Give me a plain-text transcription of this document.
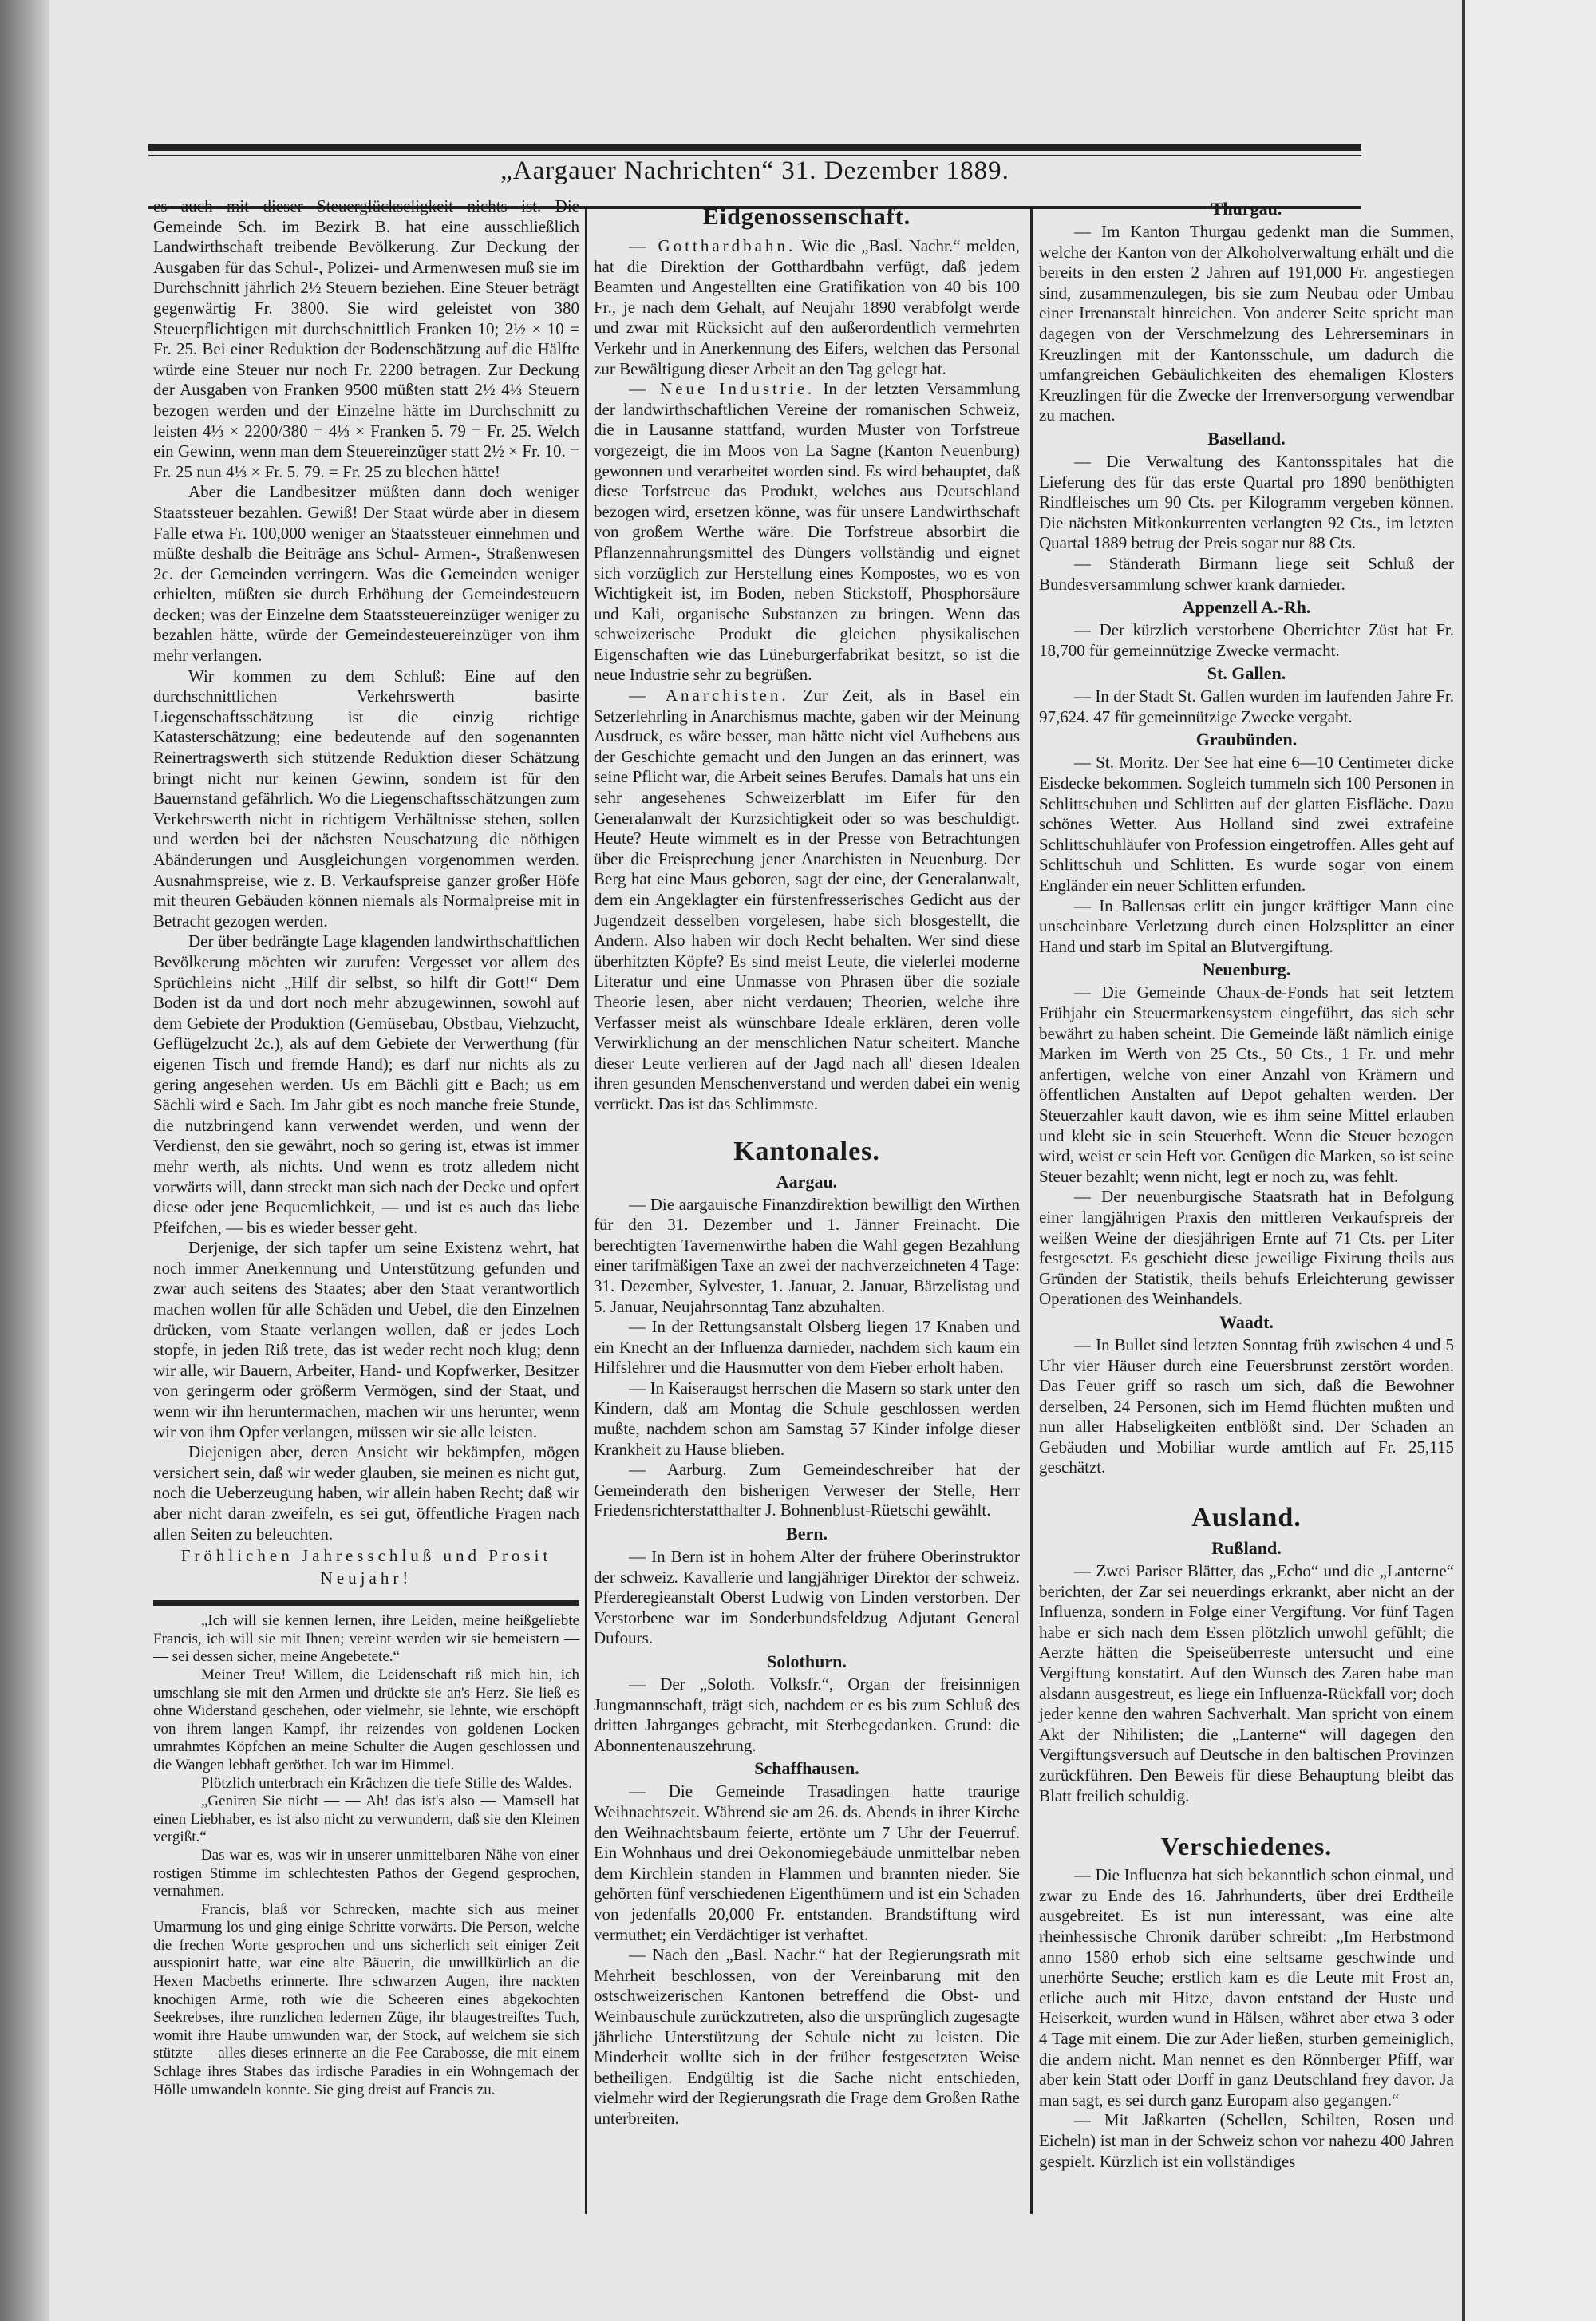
„Aargauer Nachrichten“ 31. Dezember 1889.

es auch mit dieser Steuerglückseligkeit nichts ist. Die Gemeinde Sch. im Bezirk B. hat eine ausschließlich Landwirthschaft treibende Bevölkerung. Zur Deckung der Ausgaben für das Schul-, Polizei- und Armenwesen muß sie im Durchschnitt jährlich 2½ Steuern beziehen. Eine Steuer beträgt gegenwärtig Fr. 3800. Sie wird geleistet von 380 Steuerpflichtigen mit durchschnittlich Franken 10; 2½ × 10 = Fr. 25. Bei einer Reduktion der Bodenschätzung auf die Hälfte würde eine Steuer nur noch Fr. 2200 betragen. Zur Deckung der Ausgaben von Franken 9500 müßten statt 2½ 4⅓ Steuern bezogen werden und der Einzelne hätte im Durchschnitt zu leisten 4⅓ × 2200/380 = 4⅓ × Franken 5. 79 = Fr. 25. Welch ein Gewinn, wenn man dem Steuereinzüger statt 2½ × Fr. 10. = Fr. 25 nun 4⅓ × Fr. 5. 79. = Fr. 25 zu blechen hätte!

Aber die Landbesitzer müßten dann doch weniger Staatssteuer bezahlen. Gewiß! Der Staat würde aber in diesem Falle etwa Fr. 100,000 weniger an Staatssteuer einnehmen und müßte deshalb die Beiträge ans Schul- Armen-, Straßenwesen 2c. der Gemeinden verringern. Was die Gemeinden weniger erhielten, müßten sie durch Erhöhung der Gemeindesteuern decken; was der Einzelne dem Staatssteuereinzüger weniger zu bezahlen hätte, würde der Gemeindesteuereinzüger von ihm mehr verlangen.

Wir kommen zu dem Schluß: Eine auf den durchschnittlichen Verkehrswerth basirte Liegenschaftsschätzung ist die einzig richtige Katasterschätzung; eine bedeutende auf den sogenannten Reinertragswerth sich stützende Reduktion dieser Schätzung bringt nicht nur keinen Gewinn, sondern ist für den Bauernstand gefährlich. Wo die Liegenschaftsschätzungen zum Verkehrswerth nicht in richtigem Verhältnisse stehen, sollen und werden bei der nächsten Neuschatzung die nöthigen Abänderungen und Ausgleichungen vorgenommen werden. Ausnahmspreise, wie z. B. Verkaufspreise ganzer großer Höfe mit theuren Gebäuden können niemals als Normalpreise mit in Betracht gezogen werden.

Der über bedrängte Lage klagenden landwirthschaftlichen Bevölkerung möchten wir zurufen: Vergesset vor allem des Sprüchleins nicht „Hilf dir selbst, so hilft dir Gott!“ Dem Boden ist da und dort noch mehr abzugewinnen, sowohl auf dem Gebiete der Produktion (Gemüsebau, Obstbau, Viehzucht, Geflügelzucht 2c.), als auf dem Gebiete der Verwerthung (für eigenen Tisch und fremde Hand); es darf nur nichts als zu gering angesehen werden. Us em Bächli gitt e Bach; us em Sächli wird e Sach. Im Jahr gibt es noch manche freie Stunde, die nutzbringend kann verwendet werden, und wenn der Verdienst, den sie gewährt, noch so gering ist, etwas ist immer mehr werth, als nichts. Und wenn es trotz alledem nicht vorwärts will, dann streckt man sich nach der Decke und opfert diese oder jene Bequemlichkeit, — und ist es auch das liebe Pfeifchen, — bis es wieder besser geht.

Derjenige, der sich tapfer um seine Existenz wehrt, hat noch immer Anerkennung und Unterstützung gefunden und zwar auch seitens des Staates; aber den Staat verantwortlich machen wollen für alle Schäden und Uebel, die den Einzelnen drücken, vom Staate verlangen wollen, daß er jedes Loch stopfe, in jeden Riß trete, das ist weder recht noch klug; denn wir alle, wir Bauern, Arbeiter, Hand- und Kopfwerker, Besitzer von geringerm oder größerm Vermögen, sind der Staat, und wenn wir ihn heruntermachen, machen wir uns herunter, wenn wir von ihm Opfer verlangen, müssen wir sie alle leisten.

Diejenigen aber, deren Ansicht wir bekämpfen, mögen versichert sein, daß wir weder glauben, sie meinen es nicht gut, noch die Ueberzeugung haben, wir allein haben Recht; daß wir aber nicht daran zweifeln, es sei gut, öffentliche Fragen nach allen Seiten zu beleuchten.

Fröhlichen Jahresschluß und Prosit
Neujahr!

„Ich will sie kennen lernen, ihre Leiden, meine heißgeliebte Francis, ich will sie mit Ihnen; vereint werden wir sie bemeistern — — sei dessen sicher, meine Angebetete.“

Meiner Treu! Willem, die Leidenschaft riß mich hin, ich umschlang sie mit den Armen und drückte sie an's Herz. Sie ließ es ohne Widerstand geschehen, oder vielmehr, sie lehnte, wie erschöpft von ihrem langen Kampf, ihr reizendes von goldenen Locken umrahmtes Köpfchen an meine Schulter die Augen geschlossen und die Wangen lebhaft geröthet. Ich war im Himmel.

Plötzlich unterbrach ein Krächzen die tiefe Stille des Waldes.

„Geniren Sie nicht — — Ah! das ist's also — Mamsell hat einen Liebhaber, es ist also nicht zu verwundern, daß sie den Kleinen vergißt.“

Das war es, was wir in unserer unmittelbaren Nähe von einer rostigen Stimme im schlechtesten Pathos der Gegend gesprochen, vernahmen.

Francis, blaß vor Schrecken, machte sich aus meiner Umarmung los und ging einige Schritte vorwärts. Die Person, welche die frechen Worte gesprochen und uns sicherlich seit einiger Zeit ausspionirt hatte, war eine alte Bäuerin, die unwillkürlich an die Hexen Macbeths erinnerte. Ihre schwarzen Augen, ihre nackten knochigen Arme, roth wie die Scheeren eines abgekochten Seekrebses, ihre runzlichen ledernen Züge, ihr blaugestreiftes Tuch, womit ihre Haube umwunden war, der Stock, auf welchem sie sich stützte — alles dieses erinnerte an die Fee Carabosse, die mit einem Schlage ihres Stabes das irdische Paradies in ein Wohngemach der Hölle umwandeln konnte. Sie ging dreist auf Francis zu.

Eidgenossenschaft.

— Gotthardbahn. Wie die „Basl. Nachr.“ melden, hat die Direktion der Gotthardbahn verfügt, daß jedem Beamten und Angestellten eine Gratifikation von 40 bis 100 Fr., je nach dem Gehalt, auf Neujahr 1890 verabfolgt werde und zwar mit Rücksicht auf den außerordentlich vermehrten Verkehr und in Anerkennung des Eifers, welchen das Personal zur Bewältigung dieser Arbeit an den Tag gelegt hat.

— Neue Industrie. In der letzten Versammlung der landwirthschaftlichen Vereine der romanischen Schweiz, die in Lausanne stattfand, wurden Muster von Torfstreue vorgezeigt, die im Moos von La Sagne (Kanton Neuenburg) gewonnen und verarbeitet worden sind. Es wird behauptet, daß diese Torfstreue das Produkt, welches aus Deutschland bezogen wird, ersetzen könne, was für unsere Landwirthschaft von großem Werthe wäre. Die Torfstreue absorbirt die Pflanzennahrungsmittel des Düngers vollständig und eignet sich vorzüglich zur Herstellung eines Kompostes, wo es von Wichtigkeit ist, im Boden, neben Stickstoff, Phosphorsäure und Kali, organische Substanzen zu bringen. Wenn das schweizerische Produkt die gleichen physikalischen Eigenschaften wie das Lüneburgerfabrikat besitzt, so ist die neue Industrie sehr zu begrüßen.

— Anarchisten. Zur Zeit, als in Basel ein Setzerlehrling in Anarchismus machte, gaben wir der Meinung Ausdruck, es wäre besser, man hätte nicht viel Aufhebens aus der Geschichte gemacht und den Jungen an das erinnert, was seine Pflicht war, die Arbeit seines Berufes. Damals hat uns ein sehr angesehenes Schweizerblatt im Eifer für den Generalanwalt der Kurzsichtigkeit oder so was beschuldigt. Heute? Heute wimmelt es in der Presse von Betrachtungen über die Freisprechung jener Anarchisten in Neuenburg. Der Berg hat eine Maus geboren, sagt der eine, der Generalanwalt, dem ein Angeklagter ein fürstenfresserisches Gedicht aus der Jugendzeit desselben vorgelesen, habe sich blosgestellt, die Andern. Also haben wir doch Recht behalten. Wer sind diese überhitzten Köpfe? Es sind meist Leute, die vielerlei moderne Literatur und eine Unmasse von Phrasen über die soziale Theorie lesen, aber nicht verdauen; Theorien, welche ihre Verfasser meist als wünschbare Ideale erklären, deren volle Verwirklichung an der menschlichen Natur scheitert. Manche dieser Leute verlieren auf der Jagd nach all' diesen Idealen ihren gesunden Menschenverstand und werden dabei ein wenig verrückt. Das ist das Schlimmste.

Kantonales.
Aargau.

— Die aargauische Finanzdirektion bewilligt den Wirthen für den 31. Dezember und 1. Jänner Freinacht. Die berechtigten Tavernenwirthe haben die Wahl gegen Bezahlung einer tarifmäßigen Taxe an zwei der nachverzeichneten 4 Tage: 31. Dezember, Sylvester, 1. Januar, 2. Januar, Bärzelistag und 5. Januar, Neujahrsonntag Tanz abzuhalten.

— In der Rettungsanstalt Olsberg liegen 17 Knaben und ein Knecht an der Influenza darnieder, nachdem sich kaum ein Hilfslehrer und die Hausmutter von dem Fieber erholt haben.

— In Kaiseraugst herrschen die Masern so stark unter den Kindern, daß am Montag die Schule geschlossen werden mußte, nachdem schon am Samstag 57 Kinder infolge dieser Krankheit zu Hause blieben.

— Aarburg. Zum Gemeindeschreiber hat der Gemeinderath den bisherigen Verweser der Stelle, Herr Friedensrichterstatthalter J. Bohnenblust-Rüetschi gewählt.

Bern.

— In Bern ist in hohem Alter der frühere Oberinstruktor der schweiz. Kavallerie und langjähriger Direktor der schweiz. Pferderegieanstalt Oberst Ludwig von Linden verstorben. Der Verstorbene war im Sonderbundsfeldzug Adjutant General Dufours.

Solothurn.

— Der „Soloth. Volksfr.“, Organ der freisinnigen Jungmannschaft, trägt sich, nachdem er es bis zum Schluß des dritten Jahrganges gebracht, mit Sterbegedanken. Grund: die Abonnentenauszehrung.

Schaffhausen.

— Die Gemeinde Trasadingen hatte traurige Weihnachtszeit. Während sie am 26. ds. Abends in ihrer Kirche den Weihnachtsbaum feierte, ertönte um 7 Uhr der Feuerruf. Ein Wohnhaus und drei Oekonomiegebäude unmittelbar neben dem Kirchlein standen in Flammen und brannten nieder. Sie gehörten fünf verschiedenen Eigenthümern und ist ein Schaden von jedenfalls 20,000 Fr. entstanden. Brandstiftung wird vermuthet; ein Verdächtiger ist verhaftet.

— Nach den „Basl. Nachr.“ hat der Regierungsrath mit Mehrheit beschlossen, von der Vereinbarung mit den ostschweizerischen Kantonen betreffend die Obst- und Weinbauschule zurückzutreten, also die ursprünglich zugesagte jährliche Unterstützung der Schule nicht zu leisten. Die Minderheit wollte sich in der früher festgesetzten Weise betheiligen. Endgültig ist die Sache nicht entschieden, vielmehr wird der Regierungsrath die Frage dem Großen Rathe unterbreiten.

Thurgau.

— Im Kanton Thurgau gedenkt man die Summen, welche der Kanton von der Alkoholverwaltung erhält und die bereits in den ersten 2 Jahren auf 191,000 Fr. angestiegen sind, zusammenzulegen, bis sie zum Neubau oder Umbau einer Irrenanstalt hinreichen. Von anderer Seite spricht man dagegen von der Verschmelzung des Lehrerseminars in Kreuzlingen mit der Kantonsschule, um dadurch die umfangreichen Gebäulichkeiten des ehemaligen Klosters Kreuzlingen für die Zwecke der Irrenversorgung verwendbar zu machen.

Baselland.

— Die Verwaltung des Kantonsspitales hat die Lieferung des für das erste Quartal pro 1890 benöthigten Rindfleisches um 90 Cts. per Kilogramm vergeben können. Die nächsten Mitkonkurrenten verlangten 92 Cts., im letzten Quartal 1889 betrug der Preis sogar nur 88 Cts.

— Ständerath Birmann liege seit Schluß der Bundesversammlung schwer krank darnieder.

Appenzell A.-Rh.

— Der kürzlich verstorbene Oberrichter Züst hat Fr. 18,700 für gemeinnützige Zwecke vermacht.

St. Gallen.

— In der Stadt St. Gallen wurden im laufenden Jahre Fr. 97,624. 47 für gemeinnützige Zwecke vergabt.

Graubünden.

— St. Moritz. Der See hat eine 6—10 Centimeter dicke Eisdecke bekommen. Sogleich tummeln sich 100 Personen in Schlittschuhen und Schlitten auf der glatten Eisfläche. Dazu schönes Wetter. Aus Holland sind zwei extrafeine Schlittschuhläufer von Profession eingetroffen. Alles geht auf Schlittschuh und Schlitten. Es wurde sogar von einem Engländer ein neuer Schlitten erfunden.

— In Ballensas erlitt ein junger kräftiger Mann eine unscheinbare Verletzung durch einen Holzsplitter an einer Hand und starb im Spital an Blutvergiftung.

Neuenburg.

— Die Gemeinde Chaux-de-Fonds hat seit letztem Frühjahr ein Steuermarkensystem eingeführt, das sich sehr bewährt zu haben scheint. Die Gemeinde läßt nämlich einige Marken im Werth von 25 Cts., 50 Cts., 1 Fr. und mehr anfertigen, welche von einer Anzahl von Krämern und öffentlichen Anstalten auf Depot gehalten werden. Der Steuerzahler kauft davon, wie es ihm seine Mittel erlauben und klebt sie in sein Steuerheft. Wenn die Steuer bezogen wird, weist er sein Heft vor. Genügen die Marken, so ist seine Steuer bezahlt; wenn nicht, legt er noch zu, was fehlt.

— Der neuenburgische Staatsrath hat in Befolgung einer langjährigen Praxis den mittleren Verkaufspreis der weißen Weine der diesjährigen Ernte auf 71 Cts. per Liter festgesetzt. Es geschieht diese jeweilige Fixirung theils aus Gründen der Statistik, theils behufs Erleichterung gewisser Operationen des Weinhandels.

Waadt.

— In Bullet sind letzten Sonntag früh zwischen 4 und 5 Uhr vier Häuser durch eine Feuersbrunst zerstört worden. Das Feuer griff so rasch um sich, daß die Bewohner derselben, 24 Personen, sich im Hemd flüchten mußten und nun aller Habseligkeiten entblößt sind. Der Schaden an Gebäuden und Mobiliar wurde amtlich auf Fr. 25,115 geschätzt.

Ausland.
Rußland.

— Zwei Pariser Blätter, das „Echo“ und die „Lanterne“ berichten, der Zar sei neuerdings erkrankt, aber nicht an der Influenza, sondern in Folge einer Vergiftung. Vor fünf Tagen habe er sich nach dem Essen plötzlich unwohl gefühlt; die Aerzte hätten die Speiseüberreste untersucht und eine Vergiftung konstatirt. Auf den Wunsch des Zaren habe man alsdann ausgestreut, es liege ein Influenza-Rückfall vor; doch jeder kenne den wahren Sachverhalt. Man spricht von einem Akt der Nihilisten; die „Lanterne“ will dagegen den Vergiftungsversuch auf Deutsche in den baltischen Provinzen zurückführen. Den Beweis für diese Behauptung bleibt das Blatt freilich schuldig.

Verschiedenes.

— Die Influenza hat sich bekanntlich schon einmal, und zwar zu Ende des 16. Jahrhunderts, über drei Erdtheile ausgebreitet. Es ist nun interessant, was eine alte rheinhessische Chronik darüber schreibt: „Im Herbstmond anno 1580 erhob sich eine seltsame geschwinde und unerhörte Seuche; erstlich kam es die Leute mit Frost an, etliche auch mit Hitze, davon entstand der Huste und Heiserkeit, wurden wund in Hälsen, währet aber etwa 3 oder 4 Tage mit einem. Die zur Ader ließen, sturben gemeiniglich, die andern nicht. Man nennet es den Rönnberger Pfiff, war aber kein Statt oder Dorff in ganz Deutschland frey davor. Ja man sagt, es sei durch ganz Europam also gegangen.“

— Mit Jaßkarten (Schellen, Schilten, Rosen und Eicheln) ist man in der Schweiz schon vor nahezu 400 Jahren gespielt. Kürzlich ist ein vollständiges
